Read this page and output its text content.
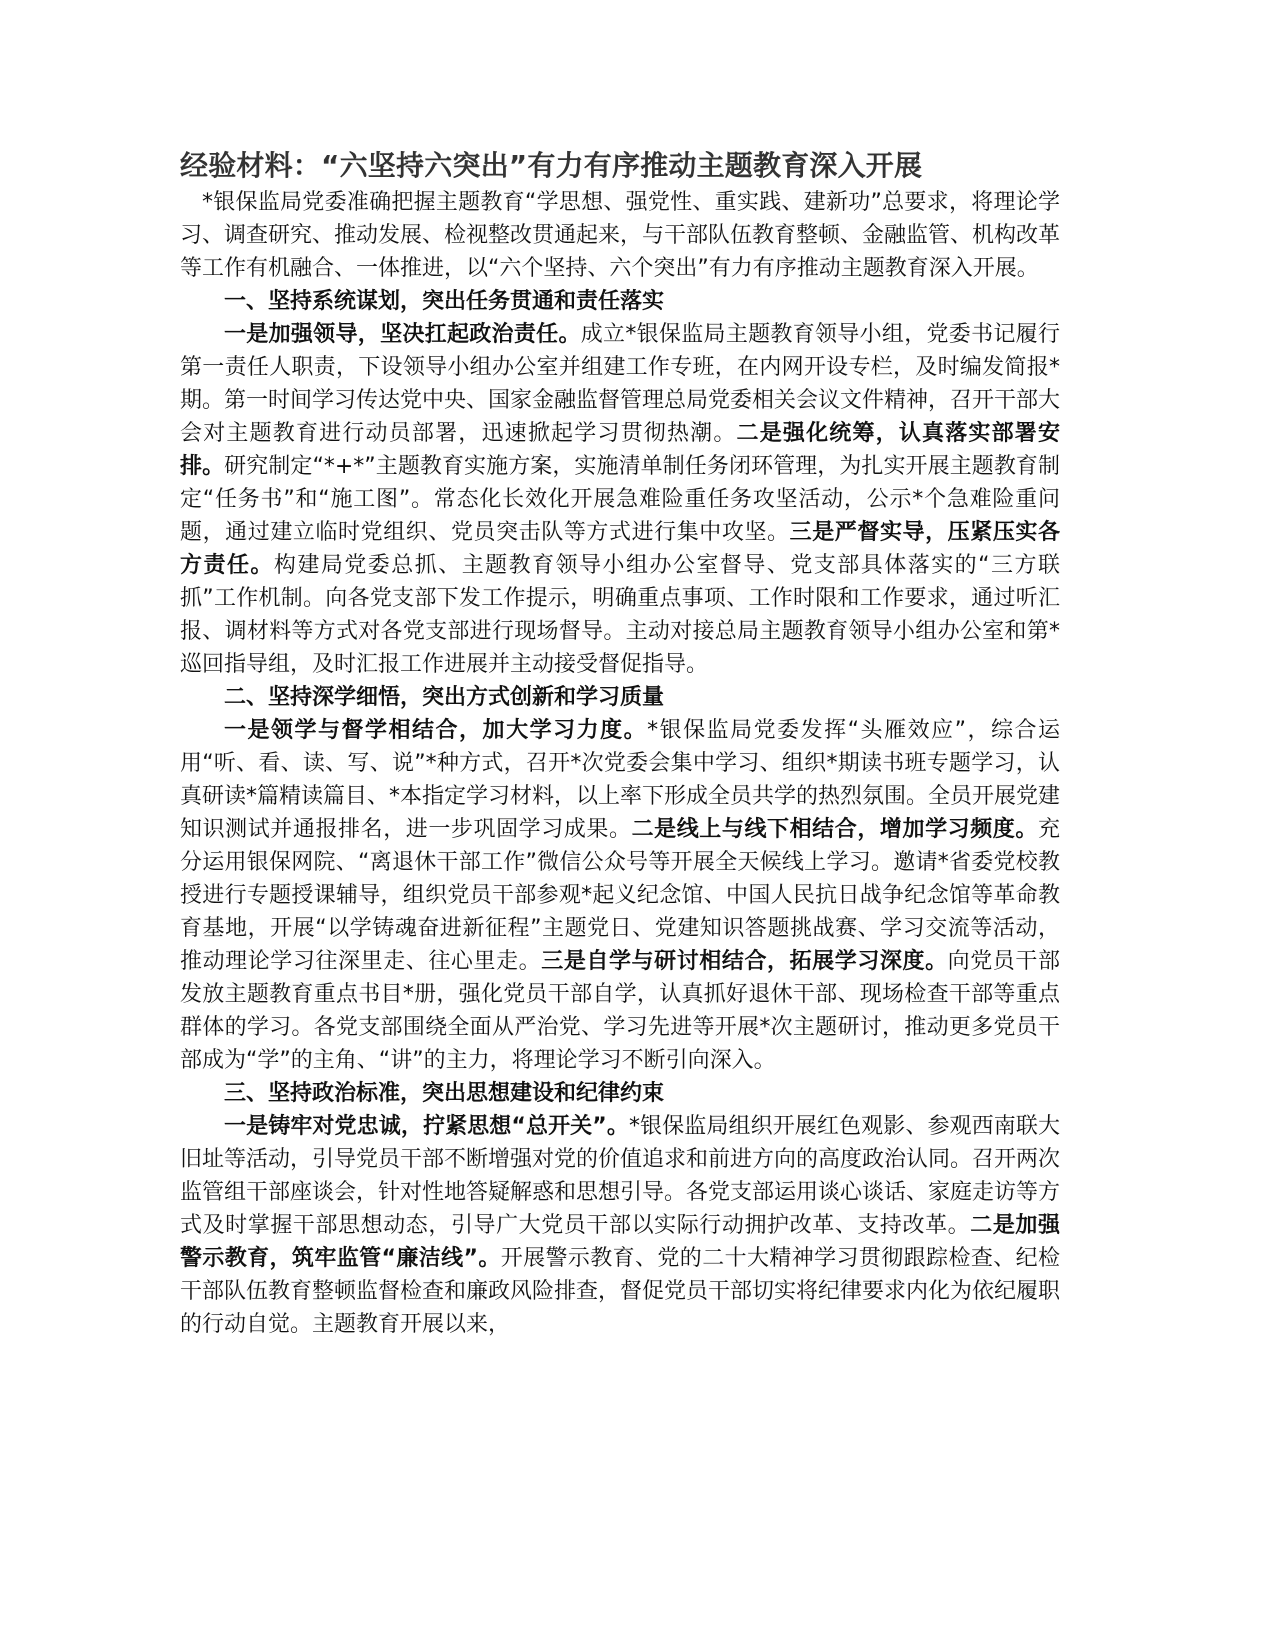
经验材料：“六坚持六突出”有力有序推动主题教育深入开展

*银保监局党委准确把握主题教育“学思想、强党性、重实践、建新功”总要求，将理论学习、调查研究、推动发展、检视整改贯通起来，与干部队伍教育整顿、金融监管、机构改革等工作有机融合、一体推进，以“六个坚持、六个突出”有力有序推动主题教育深入开展。

一、坚持系统谋划，突出任务贯通和责任落实

一是加强领导，坚决扛起政治责任。成立*银保监局主题教育领导小组，党委书记履行第一责任人职责，下设领导小组办公室并组建工作专班，在内网开设专栏，及时编发简报*期。第一时间学习传达党中央、国家金融监督管理总局党委相关会议文件精神，召开干部大会对主题教育进行动员部署，迅速掀起学习贯彻热潮。二是强化统筹，认真落实部署安排。研究制定“*+*”主题教育实施方案，实施清单制任务闭环管理，为扎实开展主题教育制定“任务书”和“施工图”。常态化长效化开展急难险重任务攻坚活动，公示*个急难险重问题，通过建立临时党组织、党员突击队等方式进行集中攻坚。三是严督实导，压紧压实各方责任。构建局党委总抓、主题教育领导小组办公室督导、党支部具体落实的“三方联抓”工作机制。向各党支部下发工作提示，明确重点事项、工作时限和工作要求，通过听汇报、调材料等方式对各党支部进行现场督导。主动对接总局主题教育领导小组办公室和第*巡回指导组，及时汇报工作进展并主动接受督促指导。

二、坚持深学细悟，突出方式创新和学习质量

一是领学与督学相结合，加大学习力度。*银保监局党委发挥“头雁效应”，综合运用“听、看、读、写、说”*种方式，召开*次党委会集中学习、组织*期读书班专题学习，认真研读*篇精读篇目、*本指定学习材料，以上率下形成全员共学的热烈氛围。全员开展党建知识测试并通报排名，进一步巩固学习成果。二是线上与线下相结合，增加学习频度。充分运用银保网院、“离退休干部工作”微信公众号等开展全天候线上学习。邀请*省委党校教授进行专题授课辅导，组织党员干部参观*起义纪念馆、中国人民抗日战争纪念馆等革命教育基地，开展“以学铸魂奋进新征程”主题党日、党建知识答题挑战赛、学习交流等活动，推动理论学习往深里走、往心里走。三是自学与研讨相结合，拓展学习深度。向党员干部发放主题教育重点书目*册，强化党员干部自学，认真抓好退休干部、现场检查干部等重点群体的学习。各党支部围绕全面从严治党、学习先进等开展*次主题研讨，推动更多党员干部成为“学”的主角、“讲”的主力，将理论学习不断引向深入。

三、坚持政治标准，突出思想建设和纪律约束

一是铸牢对党忠诚，拧紧思想“总开关”。*银保监局组织开展红色观影、参观西南联大旧址等活动，引导党员干部不断增强对党的价值追求和前进方向的高度政治认同。召开两次监管组干部座谈会，针对性地答疑解惑和思想引导。各党支部运用谈心谈话、家庭走访等方式及时掌握干部思想动态，引导广大党员干部以实际行动拥护改革、支持改革。二是加强警示教育，筑牢监管“廉洁线”。开展警示教育、党的二十大精神学习贯彻跟踪检查、纪检干部队伍教育整顿监督检查和廉政风险排查，督促党员干部切实将纪律要求内化为依纪履职的行动自觉。主题教育开展以来，
